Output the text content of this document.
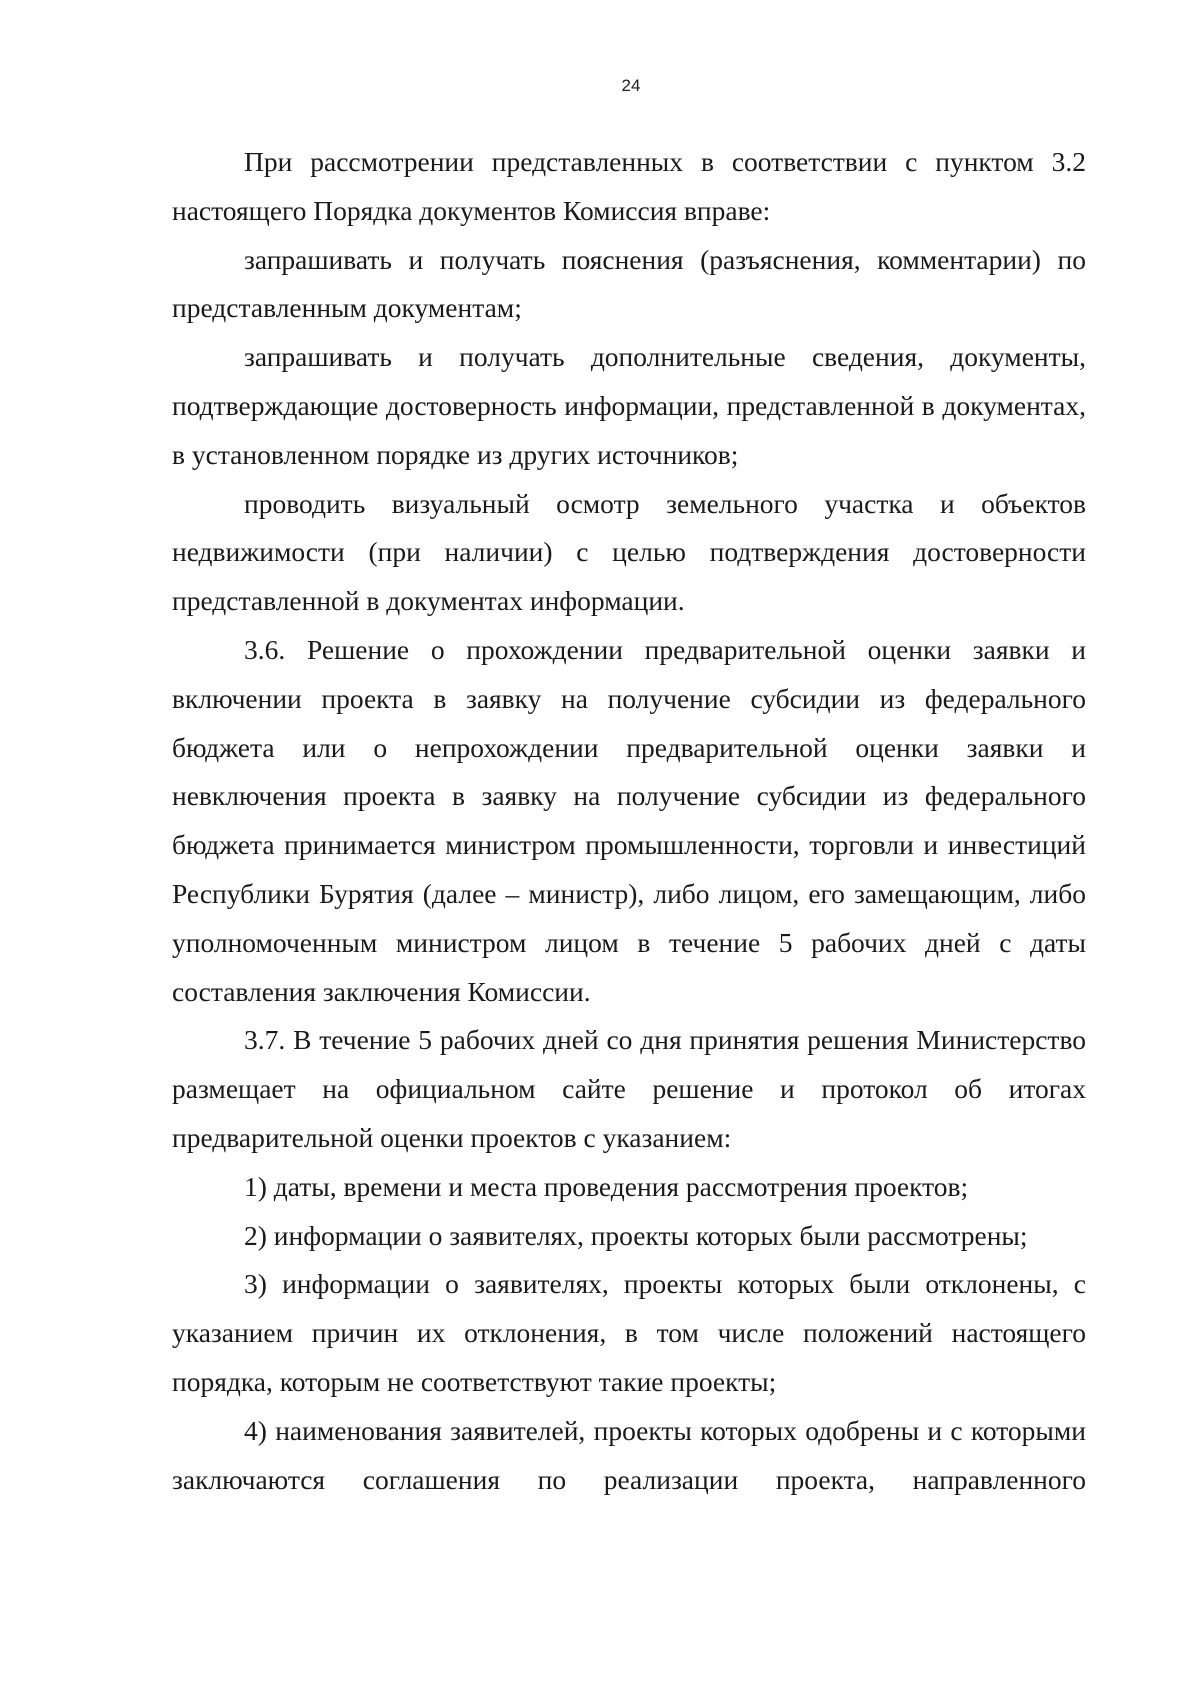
24

При рассмотрении представленных в соответствии с пунктом 3.2 настоящего Порядка документов Комиссия вправе:

запрашивать и получать пояснения (разъяснения, комментарии) по представленным документам;

запрашивать и получать дополнительные сведения, документы, подтверждающие достоверность информации, представленной в документах, в установленном порядке из других источников;

проводить визуальный осмотр земельного участка и объектов недвижимости (при наличии) с целью подтверждения достоверности представленной в документах информации.

3.6. Решение о прохождении предварительной оценки заявки и включении проекта в заявку на получение субсидии из федерального бюджета или о непрохождении предварительной оценки заявки и невключения проекта в заявку на получение субсидии из федерального бюджета принимается министром промышленности, торговли и инвестиций Республики Бурятия (далее – министр), либо лицом, его замещающим, либо уполномоченным министром лицом в течение 5 рабочих дней с даты составления заключения Комиссии.

3.7. В течение 5 рабочих дней со дня принятия решения Министерство размещает на официальном сайте решение и протокол об итогах предварительной оценки проектов с указанием:

1) даты, времени и места проведения рассмотрения проектов;

2) информации о заявителях, проекты которых были рассмотрены;

3) информации о заявителях, проекты которых были отклонены, с указанием причин их отклонения, в том числе положений настоящего порядка, которым не соответствуют такие проекты;

4) наименования заявителей, проекты которых одобрены и с которыми заключаются соглашения по реализации проекта, направленного
